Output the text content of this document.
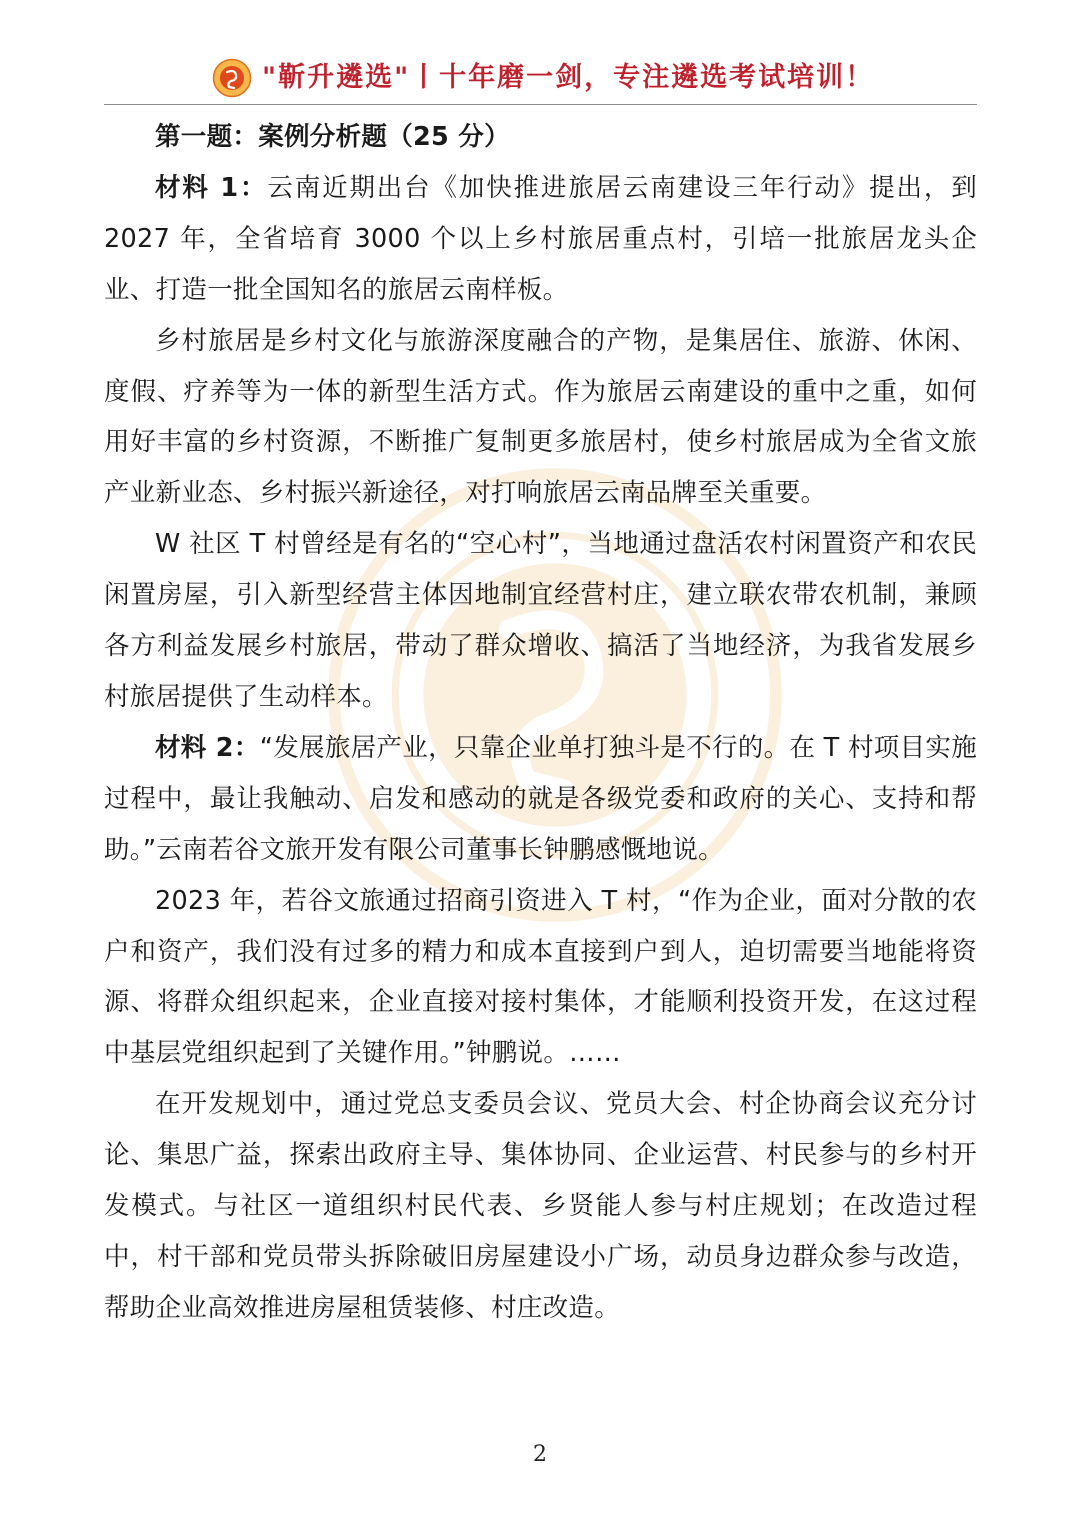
"靳升遴选"丨十年磨一剑，专注遴选考试培训！

第一题：案例分析题（25 分）

材料 1：云南近期出台《加快推进旅居云南建设三年行动》提出，到 2027 年，全省培育 3000 个以上乡村旅居重点村，引培一批旅居龙头企业、打造一批全国知名的旅居云南样板。

乡村旅居是乡村文化与旅游深度融合的产物，是集居住、旅游、休闲、度假、疗养等为一体的新型生活方式。作为旅居云南建设的重中之重，如何用好丰富的乡村资源，不断推广复制更多旅居村，使乡村旅居成为全省文旅产业新业态、乡村振兴新途径，对打响旅居云南品牌至关重要。

W 社区 T 村曾经是有名的“空心村”，当地通过盘活农村闲置资产和农民闲置房屋，引入新型经营主体因地制宜经营村庄，建立联农带农机制，兼顾各方利益发展乡村旅居，带动了群众增收、搞活了当地经济，为我省发展乡村旅居提供了生动样本。

材料 2：“发展旅居产业，只靠企业单打独斗是不行的。在 T 村项目实施过程中，最让我触动、启发和感动的就是各级党委和政府的关心、支持和帮助。”云南若谷文旅开发有限公司董事长钟鹏感慨地说。

2023 年，若谷文旅通过招商引资进入 T 村，“作为企业，面对分散的农户和资产，我们没有过多的精力和成本直接到户到人，迫切需要当地能将资源、将群众组织起来，企业直接对接村集体，才能顺利投资开发，在这过程中基层党组织起到了关键作用。”钟鹏说。……

在开发规划中，通过党总支委员会议、党员大会、村企协商会议充分讨论、集思广益，探索出政府主导、集体协同、企业运营、村民参与的乡村开发模式。与社区一道组织村民代表、乡贤能人参与村庄规划；在改造过程中，村干部和党员带头拆除破旧房屋建设小广场，动员身边群众参与改造，帮助企业高效推进房屋租赁装修、村庄改造。

2
